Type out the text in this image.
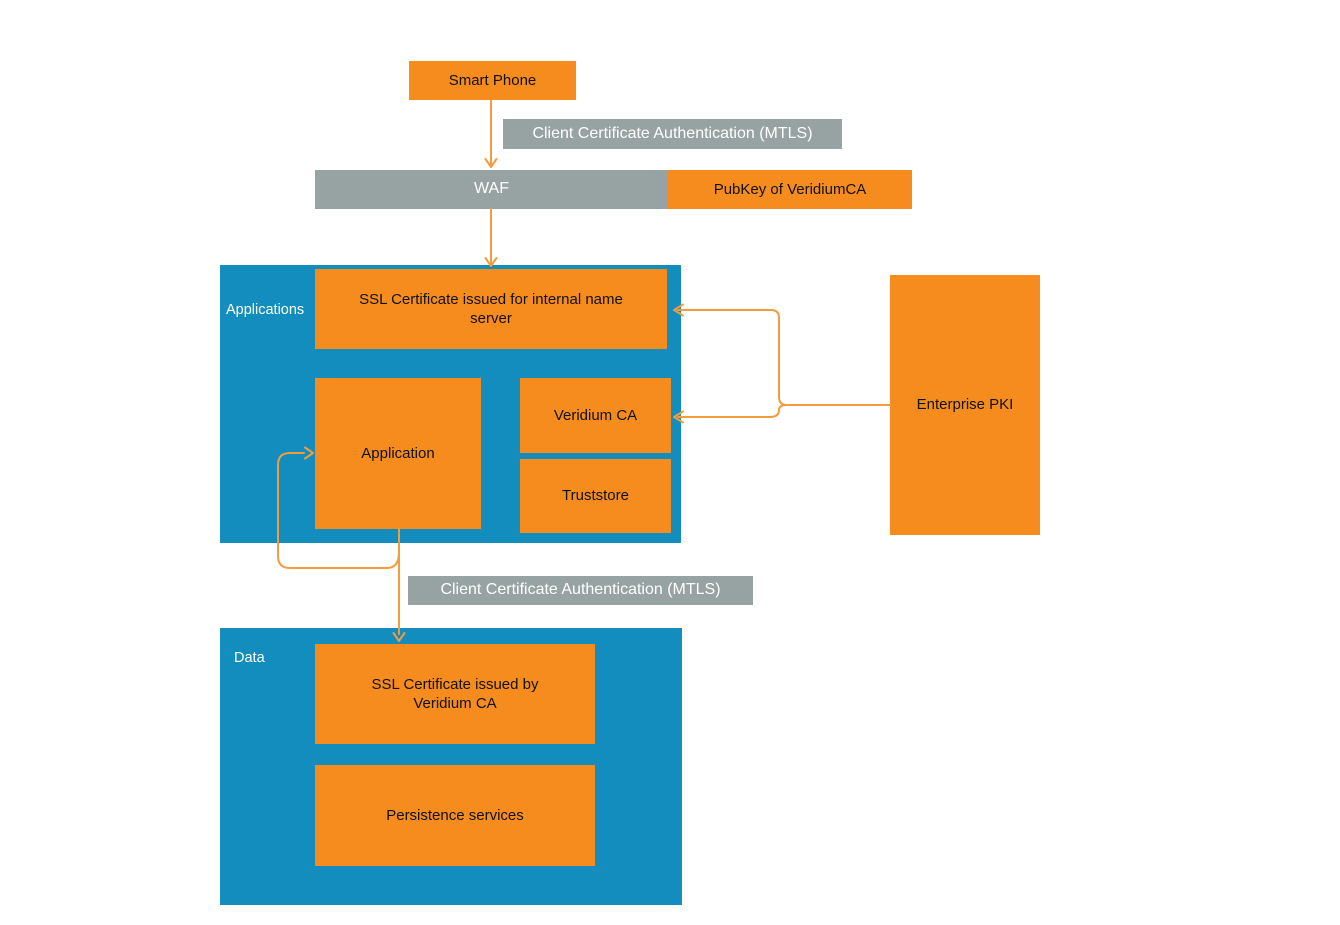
Applications
Data
Smart Phone
Client Certificate Authentication (MTLS)
WAF	PubKey of VeridiumCA
SSL Certificate issued for internal name server
Application
Veridium CA
Truststore
Enterprise PKI
Client Certificate Authentication (MTLS)
SSL Certificate issued by Veridium CA
Persistence services
